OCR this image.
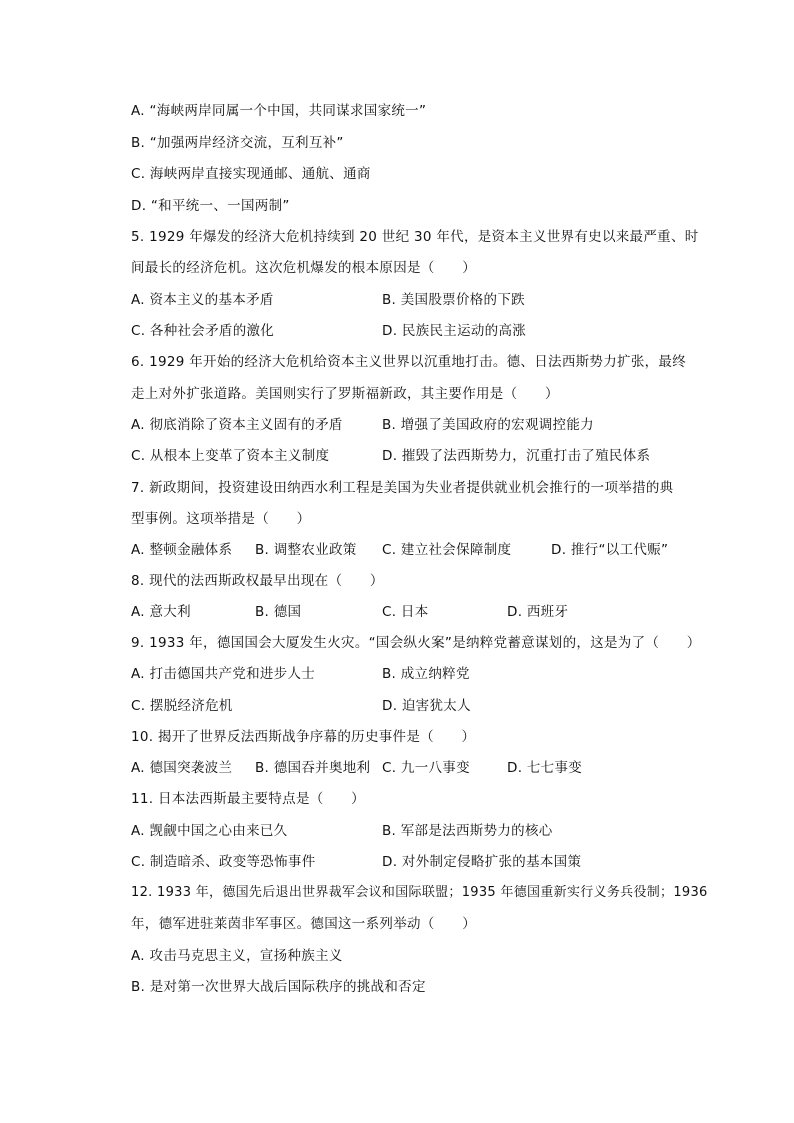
A. “海峡两岸同属一个中国，共同谋求国家统一”
B. “加强两岸经济交流，互利互补”
C. 海峡两岸直接实现通邮、通航、通商
D. “和平统一、一国两制”
5. 1929 年爆发的经济大危机持续到 20 世纪 30 年代，是资本主义世界有史以来最严重、时
间最长的经济危机。这次危机爆发的根本原因是（　　）
A. 资本主义的基本矛盾	B. 美国股票价格的下跌
C. 各种社会矛盾的激化	D. 民族民主运动的高涨
6. 1929 年开始的经济大危机给资本主义世界以沉重地打击。德、日法西斯势力扩张，最终
走上对外扩张道路。美国则实行了罗斯福新政，其主要作用是（　　）
A. 彻底消除了资本主义固有的矛盾	B. 增强了美国政府的宏观调控能力
C. 从根本上变革了资本主义制度	D. 摧毁了法西斯势力，沉重打击了殖民体系
7. 新政期间，投资建设田纳西水利工程是美国为失业者提供就业机会推行的一项举措的典
型事例。这项举措是（　　）
A. 整顿金融体系 B. 调整农业政策 C. 建立社会保障制度	D. 推行“以工代赈”
8. 现代的法西斯政权最早出现在（　　）
A. 意大利	B. 德国	C. 日本	D. 西班牙
9. 1933 年，德国国会大厦发生火灾。“国会纵火案”是纳粹党蓄意谋划的，这是为了（　　）
A. 打击德国共产党和进步人士	B. 成立纳粹党
C. 摆脱经济危机	D. 迫害犹太人
10. 揭开了世界反法西斯战争序幕的历史事件是（　　）
A. 德国突袭波兰 B. 德国吞并奥地利 C. 九一八事变	D. 七七事变
11. 日本法西斯最主要特点是（　　）
A. 觊觎中国之心由来已久	B. 军部是法西斯势力的核心
C. 制造暗杀、政变等恐怖事件	D. 对外制定侵略扩张的基本国策
12. 1933 年，德国先后退出世界裁军会议和国际联盟；1935 年德国重新实行义务兵役制；1936
年，德军进驻莱茵非军事区。德国这一系列举动（　　）
A. 攻击马克思主义，宣扬种族主义
B. 是对第一次世界大战后国际秩序的挑战和否定
